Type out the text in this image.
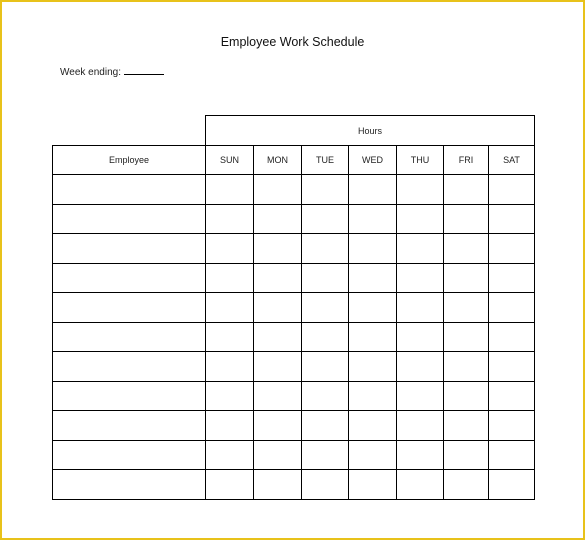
Employee Work Schedule
Week ending:
Hours
Employee	SUN	MON	TUE	WED	THU	FRI	SAT
